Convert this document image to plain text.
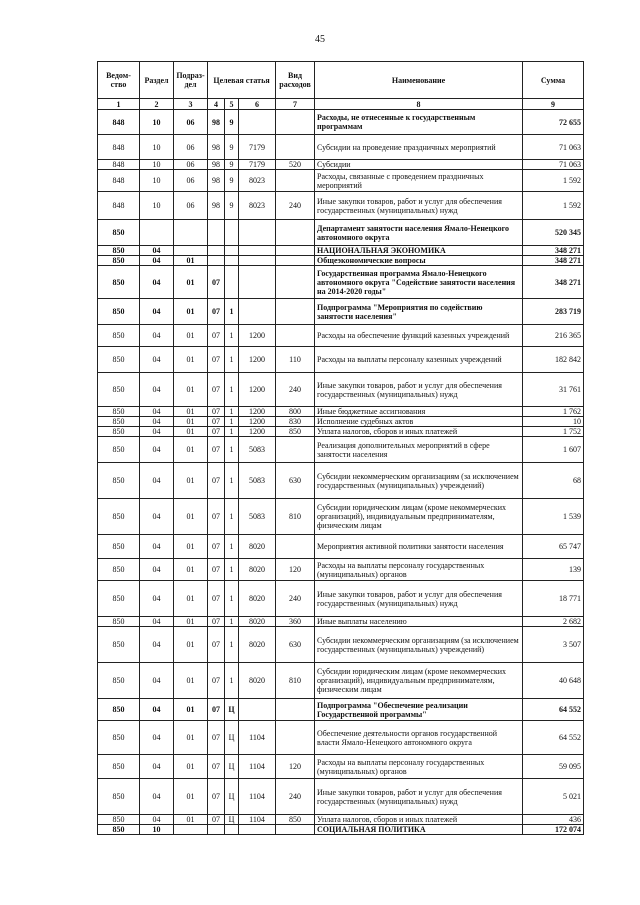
45
Ведом-ство	Раздел	Подраз-дел	Целевая статья			Вид расходов	Наименование	Сумма
1	2	3	4	5	6	7	8	9
848	10	06	98	9			Расходы, не отнесенные к государственным программам	72 655
848	10	06	98	9	7179		Субсидии на проведение праздничных мероприятий	71 063
848	10	06	98	9	7179	520	Субсидии	71 063
848	10	06	98	9	8023		Расходы, связанные с проведением праздничных мероприятий	1 592
848	10	06	98	9	8023	240	Иные закупки товаров, работ и услуг для обеспечения государственных (муниципальных) нужд	1 592
850							Департамент занятости населения Ямало-Ненецкого автономного округа	520 345
850	04						НАЦИОНАЛЬНАЯ ЭКОНОМИКА	348 271
850	04	01					Общеэкономические вопросы	348 271
850	04	01	07				Государственная программа Ямало-Ненецкого автономного округа "Содействие занятости населения на 2014-2020 годы"	348 271
850	04	01	07	1			Подпрограмма "Мероприятия по содействию занятости населения"	283 719
850	04	01	07	1	1200		Расходы на обеспечение функций казенных учреждений	216 365
850	04	01	07	1	1200	110	Расходы на выплаты персоналу казенных учреждений	182 842
850	04	01	07	1	1200	240	Иные закупки товаров, работ и услуг для обеспечения государственных (муниципальных) нужд	31 761
850	04	01	07	1	1200	800	Иные бюджетные ассигнования	1 762
850	04	01	07	1	1200	830	Исполнение судебных актов	10
850	04	01	07	1	1200	850	Уплата налогов, сборов и иных платежей	1 752
850	04	01	07	1	5083		Реализация дополнительных мероприятий в сфере занятости населения	1 607
850	04	01	07	1	5083	630	Субсидии некоммерческим организациям (за исключением государственных (муниципальных) учреждений)	68
850	04	01	07	1	5083	810	Субсидии юридическим лицам (кроме некоммерческих организаций), индивидуальным предпринимателям, физическим лицам	1 539
850	04	01	07	1	8020		Мероприятия активной политики занятости населения	65 747
850	04	01	07	1	8020	120	Расходы на выплаты персоналу государственных (муниципальных) органов	139
850	04	01	07	1	8020	240	Иные закупки товаров, работ и услуг для обеспечения государственных (муниципальных) нужд	18 771
850	04	01	07	1	8020	360	Иные выплаты населению	2 682
850	04	01	07	1	8020	630	Субсидии некоммерческим организациям (за исключением государственных (муниципальных) учреждений)	3 507
850	04	01	07	1	8020	810	Субсидии юридическим лицам (кроме некоммерческих организаций), индивидуальным предпринимателям, физическим лицам	40 648
850	04	01	07	Ц			Подпрограмма "Обеспечение реализации Государственной программы"	64 552
850	04	01	07	Ц	1104		Обеспечение деятельности органов государственной власти Ямало-Ненецкого автономного округа	64 552
850	04	01	07	Ц	1104	120	Расходы на выплаты персоналу государственных (муниципальных) органов	59 095
850	04	01	07	Ц	1104	240	Иные закупки товаров, работ и услуг для обеспечения государственных (муниципальных) нужд	5 021
850	04	01	07	Ц	1104	850	Уплата налогов, сборов и иных платежей	436
850	10						СОЦИАЛЬНАЯ ПОЛИТИКА	172 074
